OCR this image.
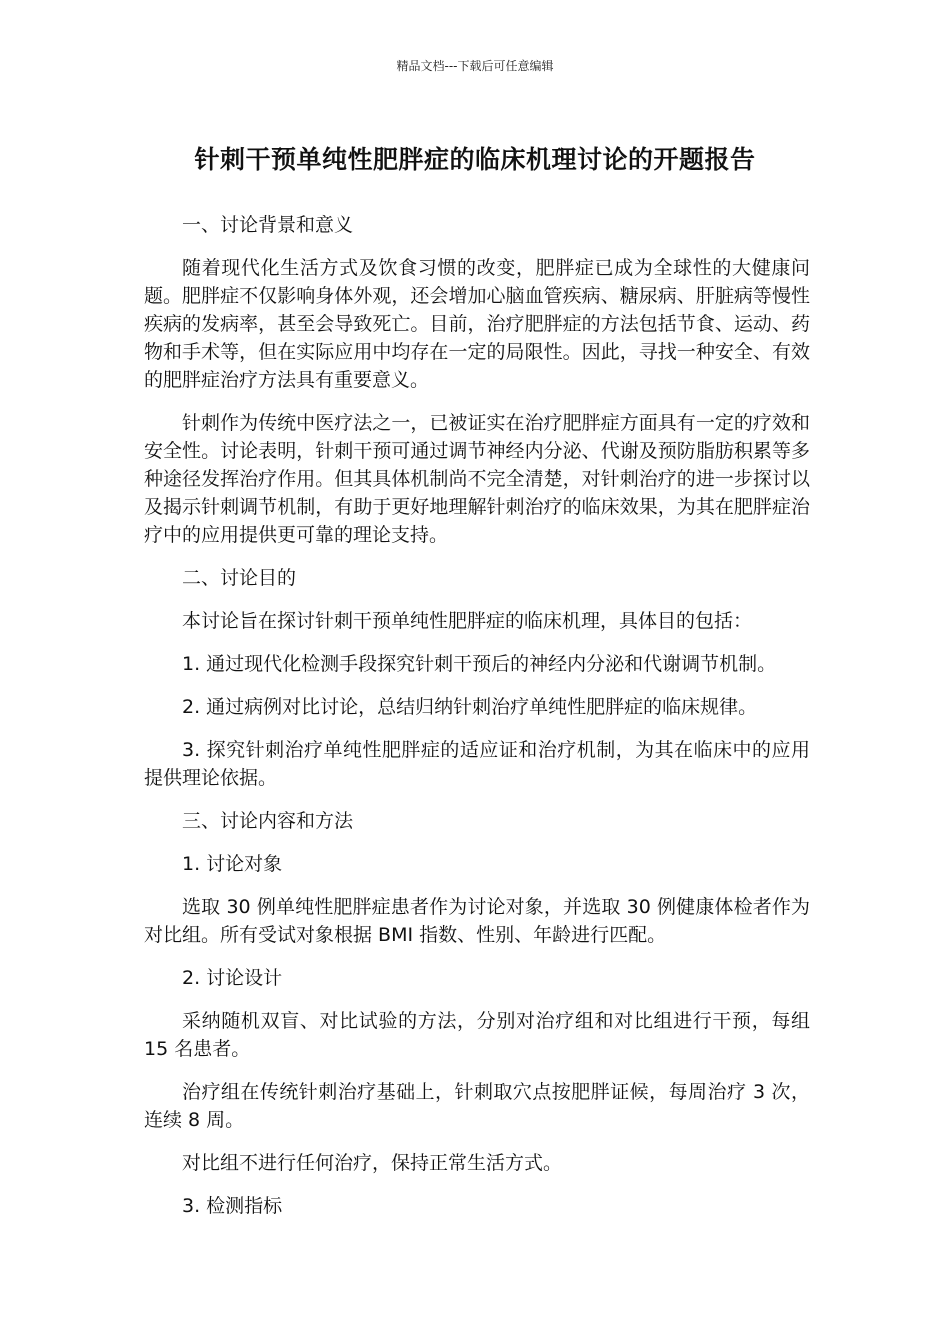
精品文档---下载后可任意编辑
针刺干预单纯性肥胖症的临床机理讨论的开题报告

一、讨论背景和意义

随着现代化生活方式及饮食习惯的改变，肥胖症已成为全球性的大健康问题。肥胖症不仅影响身体外观，还会增加心脑血管疾病、糖尿病、肝脏病等慢性疾病的发病率，甚至会导致死亡。目前，治疗肥胖症的方法包括节食、运动、药物和手术等，但在实际应用中均存在一定的局限性。因此，寻找一种安全、有效的肥胖症治疗方法具有重要意义。

针刺作为传统中医疗法之一，已被证实在治疗肥胖症方面具有一定的疗效和安全性。讨论表明，针刺干预可通过调节神经内分泌、代谢及预防脂肪积累等多种途径发挥治疗作用。但其具体机制尚不完全清楚，对针刺治疗的进一步探讨以及揭示针刺调节机制，有助于更好地理解针刺治疗的临床效果，为其在肥胖症治疗中的应用提供更可靠的理论支持。

二、讨论目的

本讨论旨在探讨针刺干预单纯性肥胖症的临床机理，具体目的包括：

1. 通过现代化检测手段探究针刺干预后的神经内分泌和代谢调节机制。

2. 通过病例对比讨论，总结归纳针刺治疗单纯性肥胖症的临床规律。

3. 探究针刺治疗单纯性肥胖症的适应证和治疗机制，为其在临床中的应用提供理论依据。

三、讨论内容和方法

1. 讨论对象

选取 30 例单纯性肥胖症患者作为讨论对象，并选取 30 例健康体检者作为对比组。所有受试对象根据 BMI 指数、性别、年龄进行匹配。

2. 讨论设计

采纳随机双盲、对比试验的方法，分别对治疗组和对比组进行干预，每组 15 名患者。

治疗组在传统针刺治疗基础上，针刺取穴点按肥胖证候，每周治疗 3 次，连续 8 周。

对比组不进行任何治疗，保持正常生活方式。

3. 检测指标
